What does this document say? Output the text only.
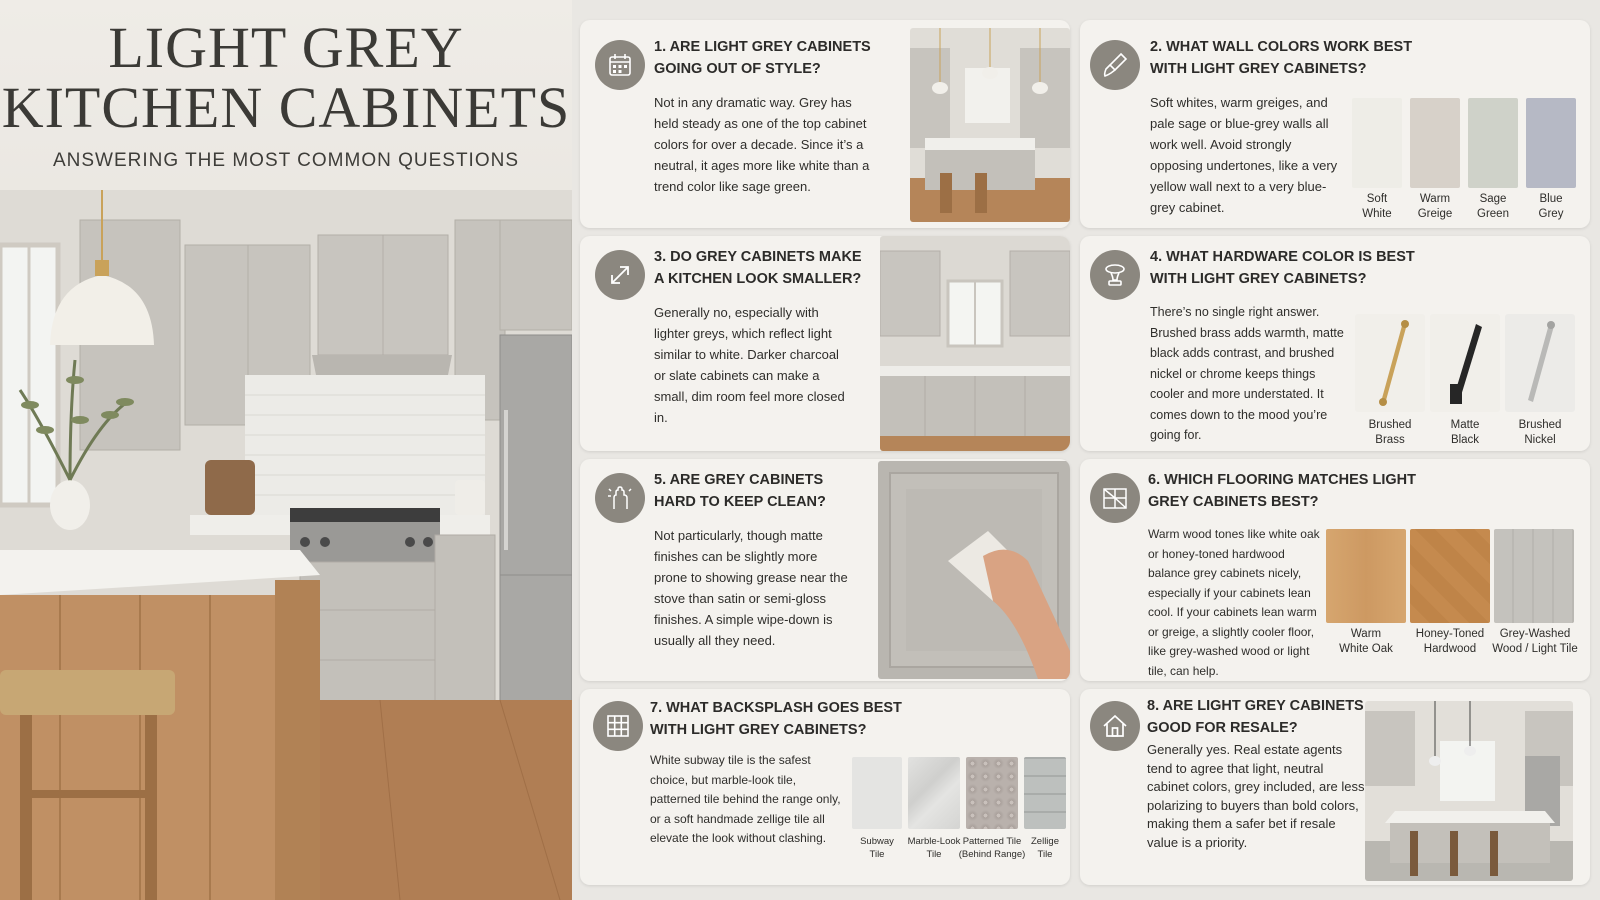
LIGHT GREY
KITCHEN CABINETS
ANSWERING THE MOST COMMON QUESTIONS
1. ARE LIGHT GREY CABINETS GOING OUT OF STYLE?
Not in any dramatic way. Grey has held steady as one of the top cabinet colors for over a decade. Since it’s a neutral, it ages more like white than a trend color like sage green.
2. WHAT WALL COLORS WORK BEST WITH LIGHT GREY CABINETS?
Soft whites, warm greiges, and pale sage or blue-grey walls all work well. Avoid strongly opposing undertones, like a very yellow wall next to a very blue-grey cabinet.
Soft
White
Warm
Greige
Sage
Green
Blue
Grey
3. DO GREY CABINETS MAKE A KITCHEN LOOK SMALLER?
Generally no, especially with lighter greys, which reflect light similar to white. Darker charcoal or slate cabinets can make a small, dim room feel more closed in.
4. WHAT HARDWARE COLOR IS BEST WITH LIGHT GREY CABINETS?
There’s no single right answer. Brushed brass adds warmth, matte black adds contrast, and brushed nickel or chrome keeps things cooler and more understated. It comes down to the mood you’re going for.
Brushed
Brass
Matte
Black
Brushed
Nickel
5. ARE GREY CABINETS HARD TO KEEP CLEAN?
Not particularly, though matte finishes can be slightly more prone to showing grease near the stove than satin or semi-gloss finishes. A simple wipe-down is usually all they need.
6. WHICH FLOORING MATCHES LIGHT GREY CABINETS BEST?
Warm wood tones like white oak or honey-toned hardwood balance grey cabinets nicely, especially if your cabinets lean cool. If your cabinets lean warm or greige, a slightly cooler floor, like grey-washed wood or light tile, can help.
Warm
White Oak
Honey-Toned
Hardwood
Grey-Washed
Wood / Light Tile
7. WHAT BACKSPLASH GOES BEST WITH LIGHT GREY CABINETS?
White subway tile is the safest choice, but marble-look tile, patterned tile behind the range only, or a soft handmade zellige tile all elevate the look without clashing.	Subway
Tile
Marble-Look
Tile
Patterned Tile
(Behind Range)
Zellige
Tile
8. ARE LIGHT GREY CABINETS GOOD FOR RESALE?
Generally yes. Real estate agents tend to agree that light, neutral cabinet colors, grey included, are less polarizing to buyers than bold colors, making them a safer bet if resale value is a priority.
